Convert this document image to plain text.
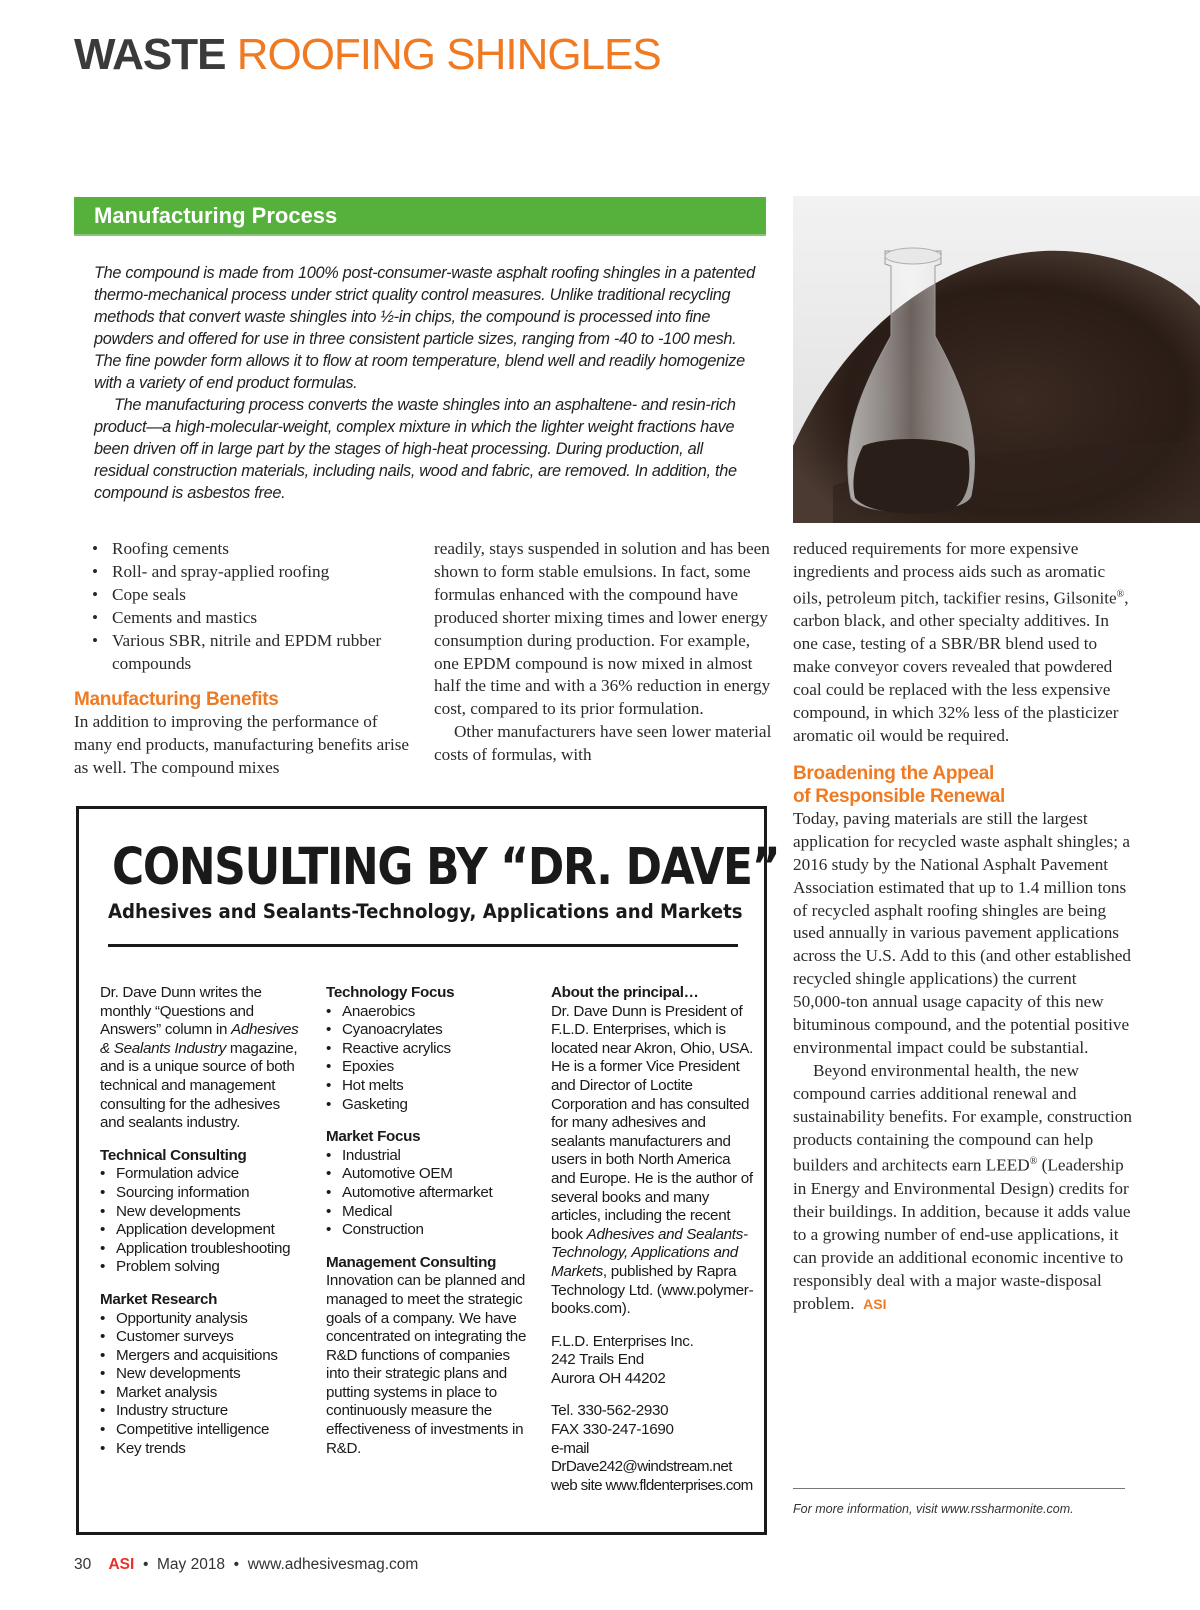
WASTE ROOFING SHINGLES
Manufacturing Process

The compound is made from 100% post-consumer-waste asphalt roofing shingles in a patented thermo-mechanical process under strict quality control measures. Unlike traditional recycling methods that convert waste shingles into ½-in chips, the compound is processed into fine powders and offered for use in three consistent particle sizes, ranging from -40 to -100 mesh. The fine powder form allows it to flow at room temperature, blend well and readily homogenize with a variety of end product formulas.

The manufacturing process converts the waste shingles into an asphaltene- and resin-rich product—a high-molecular-weight, complex mixture in which the lighter weight fractions have been driven off in large part by the stages of high-heat processing. During production, all residual construction materials, including nails, wood and fabric, are removed. In addition, the compound is asbestos free.

• Roofing cements
• Roll- and spray-applied roofing
• Cope seals
• Cements and mastics
• Various SBR, nitrile and EPDM rubber compounds
Manufacturing Benefits

In addition to improving the performance of many end products, manufacturing benefits arise as well. The compound mixes

readily, stays suspended in solution and has been shown to form stable emulsions. In fact, some formulas enhanced with the compound have produced shorter mixing times and lower energy consumption during production. For example, one EPDM compound is now mixed in almost half the time and with a 36% reduction in energy cost, compared to its prior formulation.

Other manufacturers have seen lower material costs of formulas, with

reduced requirements for more expensive ingredients and process aids such as aromatic oils, petroleum pitch, tackifier resins, Gilsonite®, carbon black, and other specialty additives. In one case, testing of a SBR/BR blend used to make conveyor covers revealed that powdered coal could be replaced with the less expensive compound, in which 32% less of the plasticizer aromatic oil would be required.

Broadening the Appeal
of Responsible Renewal

Today, paving materials are still the largest application for recycled waste asphalt shingles; a 2016 study by the National Asphalt Pavement Association estimated that up to 1.4 million tons of recycled asphalt roofing shingles are being used annually in various pavement applications across the U.S. Add to this (and other established recycled shingle applications) the current 50,000-ton annual usage capacity of this new bituminous compound, and the potential positive environmental impact could be substantial.

Beyond environmental health, the new compound carries additional renewal and sustainability benefits. For example, construction products containing the compound can help builders and architects earn LEED® (Leadership in Energy and Environmental Design) credits for their buildings. In addition, because it adds value to a growing number of end-use applications, it can provide an additional economic incentive to responsibly deal with a major waste-disposal problem. ASI

For more information, visit www.rssharmonite.com.
CONSULTING BY “DR. DAVE”
Adhesives and Sealants-Technology, Applications and Markets

Dr. Dave Dunn writes the monthly “Questions and Answers” column in Adhesives & Sealants Industry magazine, and is a unique source of both technical and management consulting for the adhesives and sealants industry.

Technical Consulting

• Formulation advice
• Sourcing information
• New developments
• Application development
• Application troubleshooting
• Problem solving

Market Research

• Opportunity analysis
• Customer surveys
• Mergers and acquisitions
• New developments
• Market analysis
• Industry structure
• Competitive intelligence
• Key trends

Technology Focus

• Anaerobics
• Cyanoacrylates
• Reactive acrylics
• Epoxies
• Hot melts
• Gasketing

Market Focus

• Industrial
• Automotive OEM
• Automotive aftermarket
• Medical
• Construction

Management Consulting

Innovation can be planned and managed to meet the strategic goals of a company. We have concentrated on integrating the R&D functions of companies into their strategic plans and putting systems in place to continuously measure the effectiveness of investments in R&D.

About the principal…

Dr. Dave Dunn is President of F.L.D. Enterprises, which is located near Akron, Ohio, USA. He is a former Vice President and Director of Loctite Corporation and has consulted for many adhesives and sealants manufacturers and users in both North America and Europe. He is the author of several books and many articles, including the recent book Adhesives and Sealants-Technology, Applications and Markets, published by Rapra Technology Ltd. (www.polymer-books.com).

F.L.D. Enterprises Inc.

242 Trails End

Aurora OH 44202

Tel. 330-562-2930

FAX 330-247-1690

e-mail DrDave242@windstream.net

web site www.fldenterprises.com

30 ASI  •  May 2018  •  www.adhesivesmag.com
